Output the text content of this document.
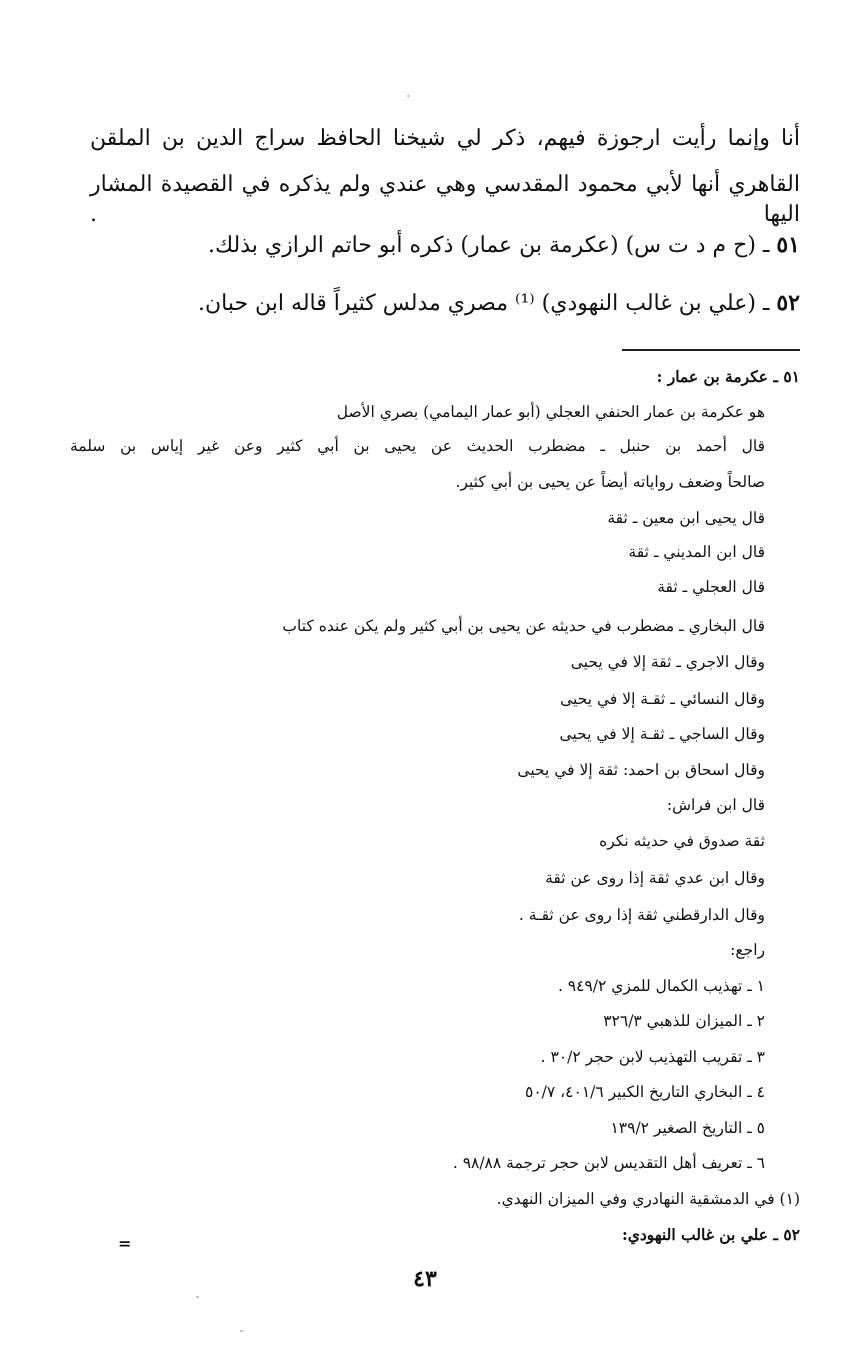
أنا وإنما رأيت ارجوزة فيهم، ذكر لي شيخنا الحافظ سراج الدين بن الملقن
القاهري أنها لأبي محمود المقدسي وهي عندي ولم يذكره في القصيدة المشار اليها .
٥١ ـ (ح م د ت س) (عكرمة بن عمار) ذكره أبو حاتم الرازي بذلك.
٥٢ ـ (علي بن غالب النهودي) ⁽¹⁾ مصري مدلس كثيراً قاله ابن حبان.
٥١ ـ عكرمة بن عمار :
هو عكرمة بن عمار الحنفي العجلي (أبو عمار اليمامي) بصري الأصل
قال أحمد بن حنبل ـ مضطرب الحديث عن يحيى بن أبي كثير وعن غير إياس بن سلمة
صالحاً وضعف رواياته أيضاً عن يحيى بن أبي كثير.
قال يحيى ابن معين ـ ثقة
قال ابن المديني ـ ثقة
قال العجلي ـ ثقة
قال البخاري ـ مضطرب في حديثه عن يحيى بن أبي كثير ولم يكن عنده كتاب
وقال الاجري ـ ثقة إلا في يحيى
وقال النسائي ـ ثقـة إلا في يحيى
وقال الساجي ـ ثقـة إلا في يحيى
وقال اسحاق بن احمد: ثقة إلا في يحيى
قال ابن فراش:
ثقة صدوق في حديثه نكره
وقال ابن عدي ثقة إذا روى عن ثقة
وقال الدارقطني ثقة إذا روى عن ثقـة .
راجع:
١ ـ تهذيب الكمال للمزي ٩٤٩/٢ .
٢ ـ الميزان للذهبي ٣٢٦/٣
٣ ـ تقريب التهذيب لابن حجر ٣٠/٢ .
٤ ـ البخاري التاريخ الكبير ٤٠١/٦، ٥٠/٧
٥ ـ التاريخ الصغير ١٣٩/٢
٦ ـ تعريف أهل التقديس لابن حجر ترجمة ٩٨/٨٨ .
(١) في الدمشقية النهادري وفي الميزان النهدي.
٥٢ ـ علي بن غالب النهودي:
=
٤٣
